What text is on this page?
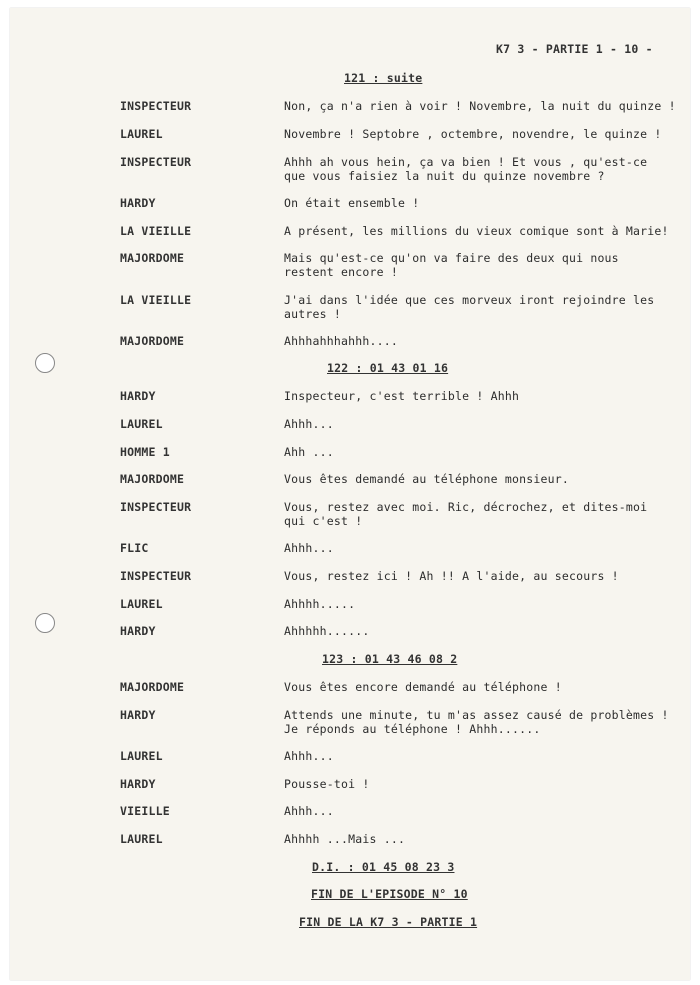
K7 3 - PARTIE 1 - 10 -
121 : suite
INSPECTEUR	Non, ça n'a rien à voir ! Novembre, la nuit du quinze !
LAUREL	Novembre ! Septobre , octembre, novendre, le quinze !
INSPECTEUR	Ahhh ah vous hein, ça va bien ! Et vous , qu'est-ce
que vous faisiez la nuit du quinze novembre ?
HARDY	On était ensemble !
LA VIEILLE	A présent, les millions du vieux comique sont à Marie!
MAJORDOME	Mais qu'est-ce qu'on va faire des deux qui nous
restent encore !
LA VIEILLE	J'ai dans l'idée que ces morveux iront rejoindre les
autres !
MAJORDOME	Ahhhahhhahhh....
122 : 01 43 01 16
HARDY	Inspecteur, c'est terrible ! Ahhh
LAUREL	Ahhh...
HOMME 1	Ahh ...
MAJORDOME	Vous êtes demandé au téléphone monsieur.
INSPECTEUR	Vous, restez avec moi. Ric, décrochez, et dites-moi
qui c'est !
FLIC	Ahhh...
INSPECTEUR	Vous, restez ici ! Ah !! A l'aide, au secours !
LAUREL	Ahhhh.....
HARDY	Ahhhhh......
123 : 01 43 46 08 2
MAJORDOME	Vous êtes encore demandé au téléphone !
HARDY	Attends une minute, tu m'as assez causé de problèmes !
Je réponds au téléphone ! Ahhh......
LAUREL	Ahhh...
HARDY	Pousse-toi !
VIEILLE	Ahhh...
LAUREL	Ahhhh ...Mais ...
D.I. : 01 45 08 23 3
FIN DE L'EPISODE N° 10
FIN DE LA K7 3 - PARTIE 1
